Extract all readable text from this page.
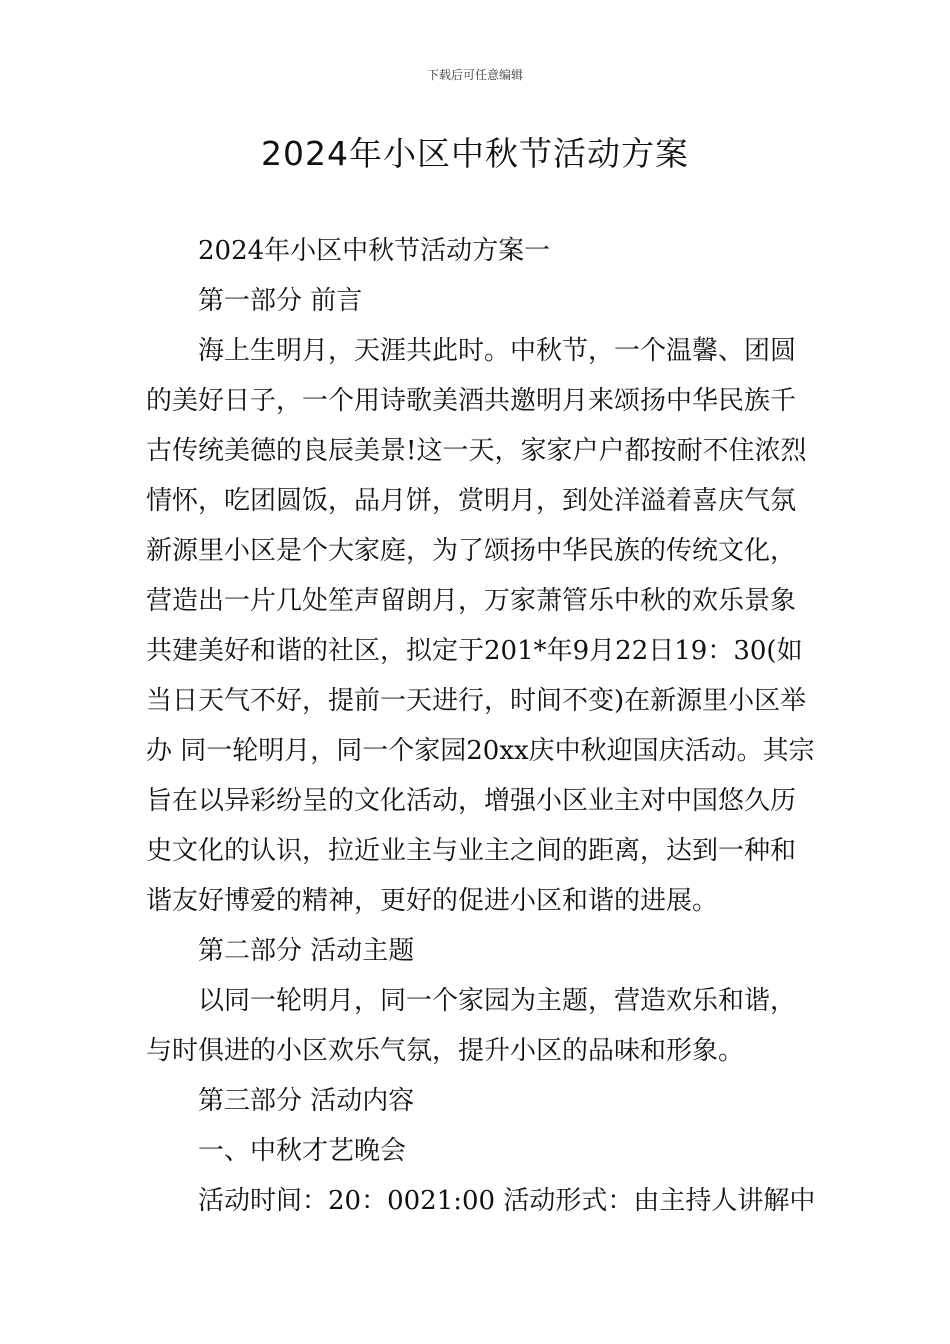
下载后可任意编辑
2024年小区中秋节活动方案
2024年小区中秋节活动方案一
第一部分 前言
海上生明月，天涯共此时。中秋节，一个温馨、团圆
的美好日子，一个用诗歌美酒共邀明月来颂扬中华民族千
古传统美德的良辰美景!这一天，家家户户都按耐不住浓烈
情怀，吃团圆饭，品月饼，赏明月，到处洋溢着喜庆气氛
新源里小区是个大家庭，为了颂扬中华民族的传统文化，
营造出一片几处笙声留朗月，万家萧管乐中秋的欢乐景象
共建美好和谐的社区，拟定于201*年9月22日19：30(如
当日天气不好，提前一天进行，时间不变)在新源里小区举
办 同一轮明月，同一个家园20xx庆中秋迎国庆活动。其宗
旨在以异彩纷呈的文化活动，增强小区业主对中国悠久历
史文化的认识，拉近业主与业主之间的距离，达到一种和
谐友好博爱的精神，更好的促进小区和谐的进展。
第二部分 活动主题
以同一轮明月，同一个家园为主题，营造欢乐和谐，
与时俱进的小区欢乐气氛，提升小区的品味和形象。
第三部分 活动内容
一、中秋才艺晚会
活动时间：20：0021:00 活动形式：由主持人讲解中
